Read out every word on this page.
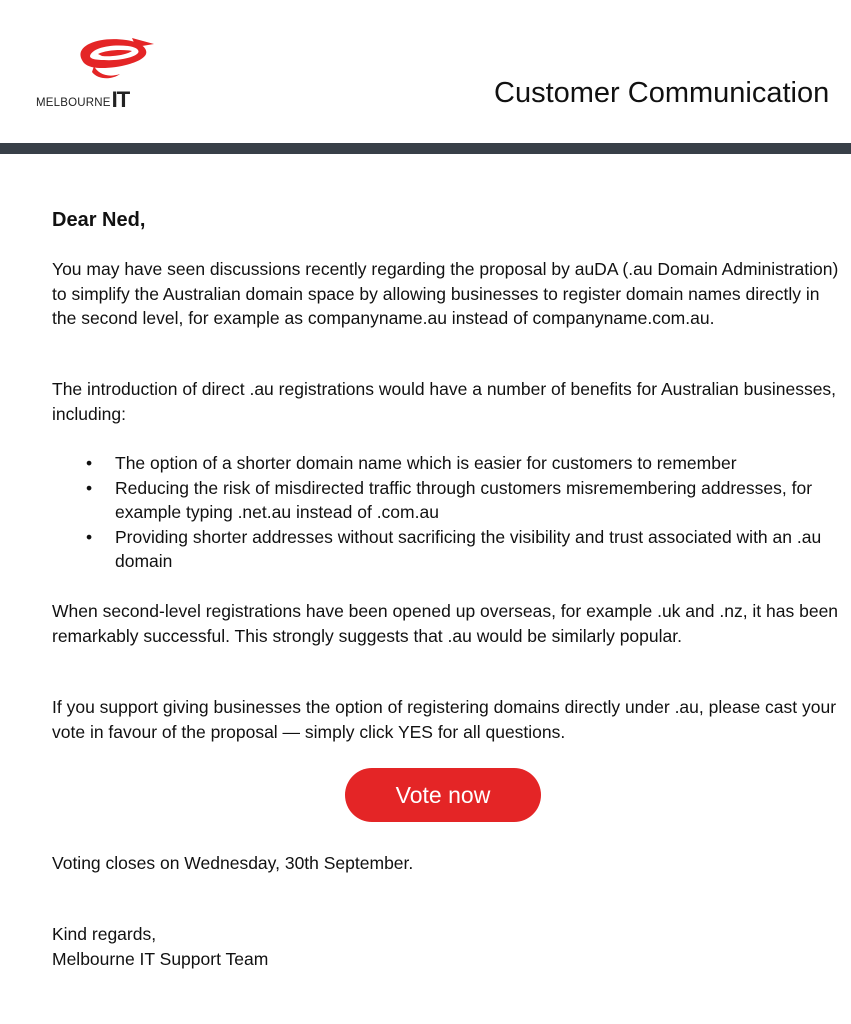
MELBOURNE IT	Customer Communication
Dear Ned,

You may have seen discussions recently regarding the proposal by auDA (.au Domain Administration) to simplify the Australian domain space by allowing businesses to register domain names directly in the second level, for example as companyname.au instead of companyname.com.au.

The introduction of direct .au registrations would have a number of benefits for Australian businesses, including:

• The option of a shorter domain name which is easier for customers to remember
• Reducing the risk of misdirected traffic through customers misremembering addresses, for example typing .net.au instead of .com.au
• Providing shorter addresses without sacrificing the visibility and trust associated with an .au domain

When second-level registrations have been opened up overseas, for example .uk and .nz, it has been remarkably successful. This strongly suggests that .au would be similarly popular.

If you support giving businesses the option of registering domains directly under .au, please cast your vote in favour of the proposal — simply click YES for all questions.

Vote now

Voting closes on Wednesday, 30th September.

Kind regards,
Melbourne IT Support Team
